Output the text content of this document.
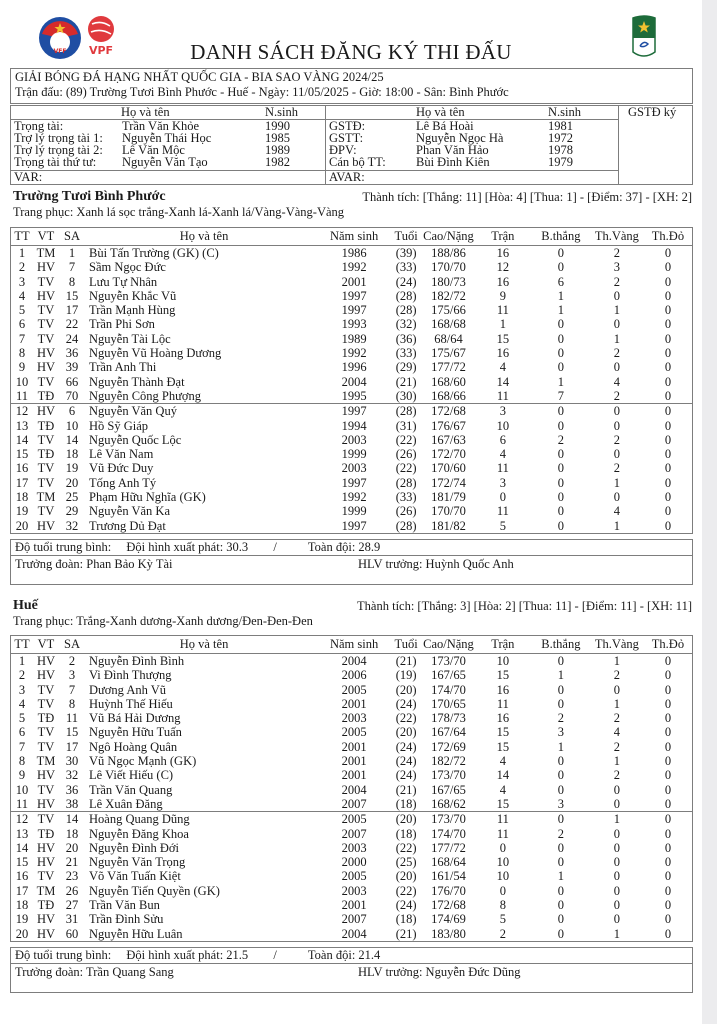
VFF VPF	DANH SÁCH ĐĂNG KÝ THI ĐẤU
GIẢI BÓNG ĐÁ HẠNG NHẤT QUỐC GIA - BIA SAO VÀNG 2024/25
Trận đấu: (89) Trường Tươi Bình Phước - Huế - Ngày: 11/05/2025 - Giờ: 18:00 - Sân: Bình Phước
Họ và tên	N.sinh	Họ và tên	N.sinh	GSTĐ ký
Trọng tài:	Trần Văn Khỏe	1990
Trợ lý trọng tài 1: Nguyễn Thái Học	1985
Trợ lý trọng tài 2: Lê Văn Mộc	1989
Trọng tài thứ tư: Nguyễn Văn Tạo	1982
GSTĐ:	Lê Bá Hoài	1981
GSTT:	Nguyễn Ngọc Hà	1972
ĐPV:	Phan Văn Hảo	1978
Cán bộ TT: Bùi Đình Kiên	1979
VAR:	AVAR:
Trường Tươi Bình Phước	Thành tích: [Thắng: 11] [Hòa: 4] [Thua: 1] - [Điểm: 37] - [XH: 2]
Trang phục: Xanh lá sọc trắng-Xanh lá-Xanh lá/Vàng-Vàng-Vàng
TT	VT	SA	Họ và tên	Năm sinh	Tuổi	Cao/Nặng	Trận	B.thắng	Th.Vàng	Th.Đỏ
1	TM	1	Bùi Tấn Trường (GK) (C)	1986	(39)	188/86	16	0	2	0
2	HV	7	Sầm Ngọc Đức	1992	(33)	170/70	12	0	3	0
3	TV	8	Lưu Tự Nhân	2001	(24)	180/73	16	6	2	0
4	HV	15	Nguyễn Khắc Vũ	1997	(28)	182/72	9	1	0	0
5	TV	17	Trần Mạnh Hùng	1997	(28)	175/66	11	1	1	0
6	TV	22	Trần Phi Sơn	1993	(32)	168/68	1	0	0	0
7	TV	24	Nguyễn Tài Lộc	1989	(36)	68/64	15	0	1	0
8	HV	36	Nguyễn Vũ Hoàng Dương	1992	(33)	175/67	16	0	2	0
9	HV	39	Trần Anh Thi	1996	(29)	177/72	4	0	0	0
10	TV	66	Nguyễn Thành Đạt	2004	(21)	168/60	14	1	4	0
11	TĐ	70	Nguyễn Công Phượng	1995	(30)	168/66	11	7	2	0
12	HV	6	Nguyễn Văn Quý	1997	(28)	172/68	3	0	0	0
13	TĐ	10	Hồ Sỹ Giáp	1994	(31)	176/67	10	0	0	0
14	TV	14	Nguyễn Quốc Lộc	2003	(22)	167/63	6	2	2	0
15	TĐ	18	Lê Văn Nam	1999	(26)	172/70	4	0	0	0
16	TV	19	Vũ Đức Duy	2003	(22)	170/60	11	0	2	0
17	TV	20	Tống Anh Tý	1997	(28)	172/74	3	0	1	0
18	TM	25	Phạm Hữu Nghĩa (GK)	1992	(33)	181/79	0	0	0	0
19	TV	29	Nguyễn Văn Ka	1999	(26)	170/70	11	0	4	0
20	HV	32	Trương Dủ Đạt	1997	(28)	181/82	5	0	1	0
Độ tuổi trung bình: Đội hình xuất phát: 30.3 / Toàn đội: 28.9
Trưởng đoàn: Phan Bảo Kỳ Tài	HLV trưởng: Huỳnh Quốc Anh
Huế	Thành tích: [Thắng: 3] [Hòa: 2] [Thua: 11] - [Điểm: 11] - [XH: 11]
Trang phục: Trắng-Xanh dương-Xanh dương/Đen-Đen-Đen
TT	VT	SA	Họ và tên	Năm sinh	Tuổi	Cao/Nặng	Trận	B.thắng	Th.Vàng	Th.Đỏ
1	HV	2	Nguyễn Đình Bình	2004	(21)	173/70	10	0	1	0
2	HV	3	Vi Đình Thượng	2006	(19)	167/65	15	1	2	0
3	TV	7	Dương Anh Vũ	2005	(20)	174/70	16	0	0	0
4	TV	8	Huỳnh Thế Hiếu	2001	(24)	170/65	11	0	1	0
5	TĐ	11	Vũ Bá Hải Dương	2003	(22)	178/73	16	2	2	0
6	TV	15	Nguyễn Hữu Tuấn	2005	(20)	167/64	15	3	4	0
7	TV	17	Ngô Hoàng Quân	2001	(24)	172/69	15	1	2	0
8	TM	30	Vũ Ngọc Mạnh (GK)	2001	(24)	182/72	4	0	1	0
9	HV	32	Lê Viết Hiếu (C)	2001	(24)	173/70	14	0	2	0
10	TV	36	Trần Văn Quang	2004	(21)	167/65	4	0	0	0
11	HV	38	Lê Xuân Đăng	2007	(18)	168/62	15	3	0	0
12	TV	14	Hoàng Quang Dũng	2005	(20)	173/70	11	0	1	0
13	TĐ	18	Nguyễn Đăng Khoa	2007	(18)	174/70	11	2	0	0
14	HV	20	Nguyễn Đình Đới	2003	(22)	177/72	0	0	0	0
15	HV	21	Nguyễn Văn Trọng	2000	(25)	168/64	10	0	0	0
16	TV	23	Võ Văn Tuấn Kiệt	2005	(20)	161/54	10	1	0	0
17	TM	26	Nguyễn Tiến Quyền (GK)	2003	(22)	176/70	0	0	0	0
18	TĐ	27	Trần Văn Bun	2001	(24)	172/68	8	0	0	0
19	HV	31	Trần Đình Sửu	2007	(18)	174/69	5	0	0	0
20	HV	60	Nguyễn Hữu Luân	2004	(21)	183/80	2	0	1	0
Độ tuổi trung bình: Đội hình xuất phát: 21.5 / Toàn đội: 21.4
Trưởng đoàn: Trần Quang Sang	HLV trưởng: Nguyễn Đức Dũng
